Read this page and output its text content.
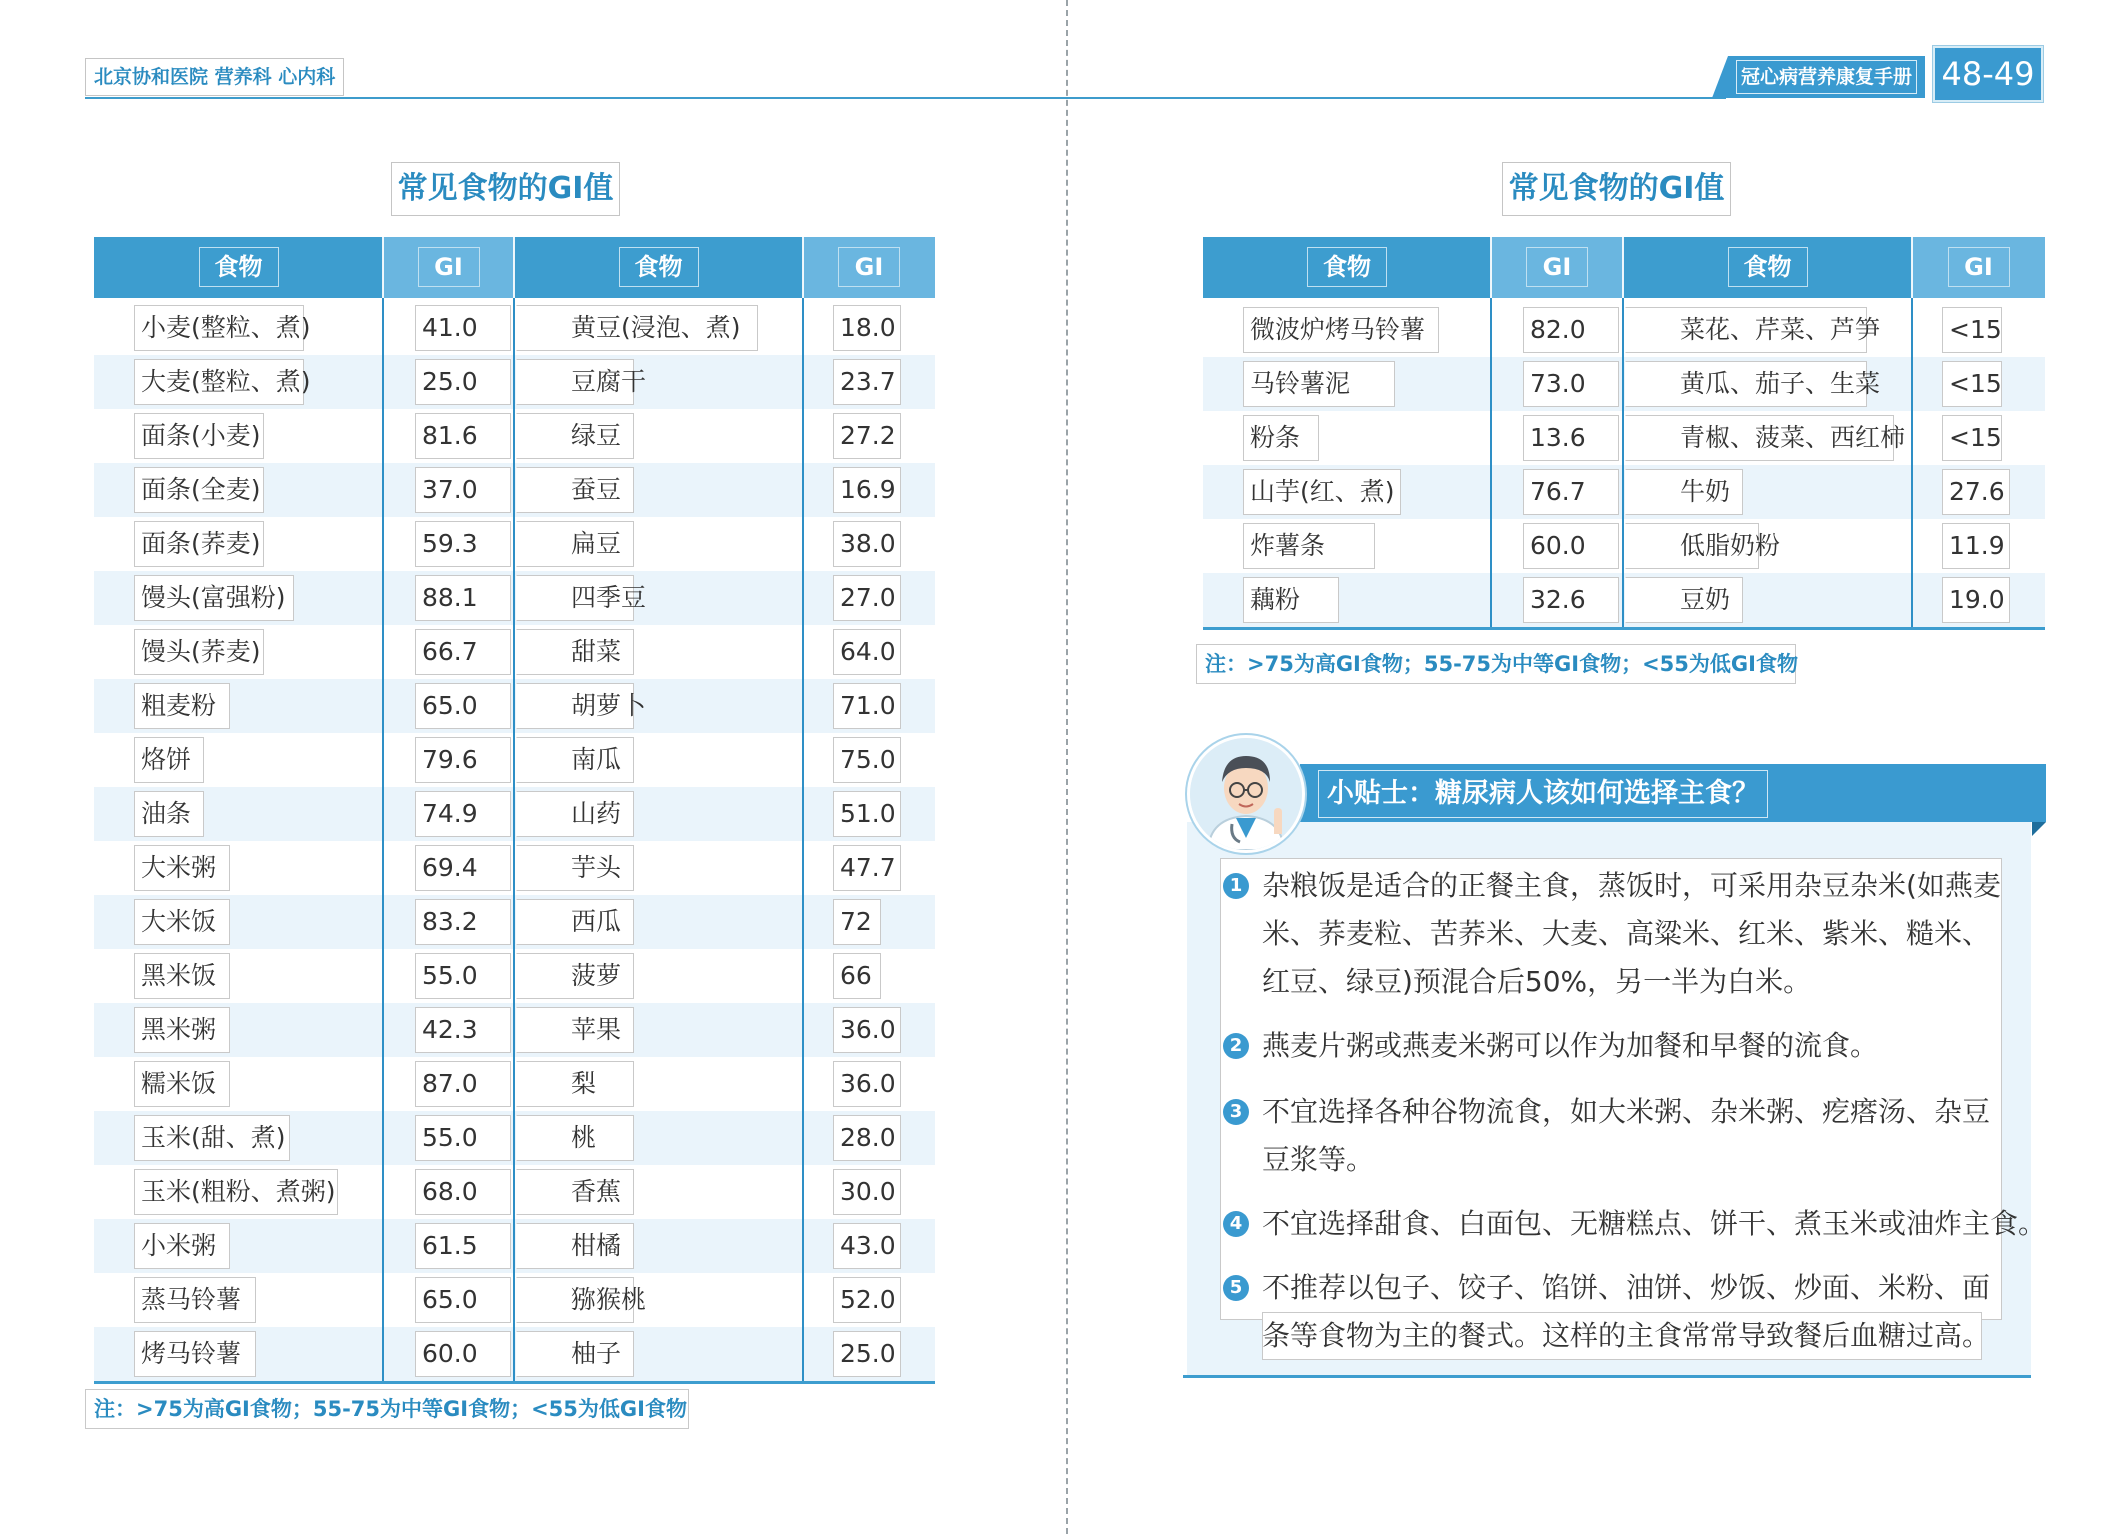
北京协和医院 营养科 心内科	冠心病营养康复手册 48-49
常见食物的GI值	常见食物的GI值
食物	GI	食物	GI
小麦(整粒、煮)	41.0	黄豆(浸泡、煮)	18.0
大麦(整粒、煮)	25.0	豆腐干	23.7
面条(小麦)	81.6	绿豆	27.2
面条(全麦)	37.0	蚕豆	16.9
面条(荞麦)	59.3	扁豆	38.0
馒头(富强粉)	88.1	四季豆	27.0
馒头(荞麦)	66.7	甜菜	64.0
粗麦粉	65.0	胡萝卜	71.0
烙饼	79.6	南瓜	75.0
油条	74.9	山药	51.0
大米粥	69.4	芋头	47.7
大米饭	83.2	西瓜	72
黑米饭	55.0	菠萝	66
黑米粥	42.3	苹果	36.0
糯米饭	87.0	梨	36.0
玉米(甜、煮)	55.0	桃	28.0
玉米(粗粉、煮粥)	68.0	香蕉	30.0
小米粥	61.5	柑橘	43.0
蒸马铃薯	65.0	猕猴桃	52.0
烤马铃薯	60.0	柚子	25.0
注：>75为高GI食物；55-75为中等GI食物；<55为低GI食物
食物	GI	食物	GI
微波炉烤马铃薯	82.0	菜花、芹菜、芦笋	<15
马铃薯泥	73.0	黄瓜、茄子、生菜	<15
粉条	13.6	青椒、菠菜、西红柿 <15
山芋(红、煮)	76.7	牛奶	27.6
炸薯条	60.0	低脂奶粉	11.9
藕粉	32.6	豆奶	19.0
注：>75为高GI食物；55-75为中等GI食物；<55为低GI食物
小贴士：糖尿病人该如何选择主食？
1 杂粮饭是适合的正餐主食，蒸饭时，可采用杂豆杂米(如燕麦
米、荞麦粒、苦荞米、大麦、高粱米、红米、紫米、糙米、
红豆、绿豆)预混合后50%，另一半为白米。
2 燕麦片粥或燕麦米粥可以作为加餐和早餐的流食。
3 不宜选择各种谷物流食，如大米粥、杂米粥、疙瘩汤、杂豆
豆浆等。
4 不宜选择甜食、白面包、无糖糕点、饼干、煮玉米或油炸主食。
5 不推荐以包子、饺子、馅饼、油饼、炒饭、炒面、米粉、面
条等食物为主的餐式。这样的主食常常导致餐后血糖过高。
